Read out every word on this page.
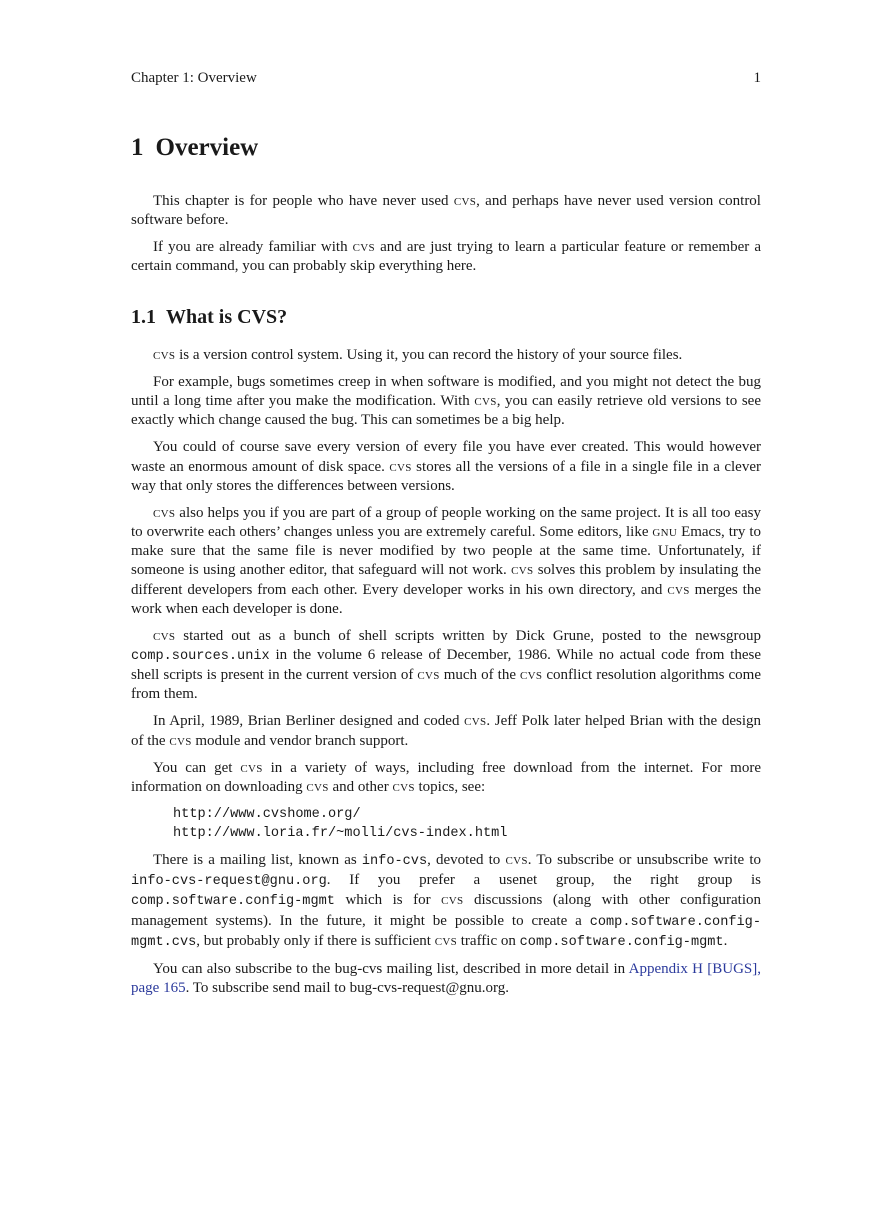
Chapter 1: Overview	1
1 Overview

This chapter is for people who have never used cvs, and perhaps have never used version control software before.

If you are already familiar with cvs and are just trying to learn a particular feature or remember a certain command, you can probably skip everything here.

1.1 What is CVS?

cvs is a version control system. Using it, you can record the history of your source files.

For example, bugs sometimes creep in when software is modified, and you might not detect the bug until a long time after you make the modification. With cvs, you can easily retrieve old versions to see exactly which change caused the bug. This can sometimes be a big help.

You could of course save every version of every file you have ever created. This would however waste an enormous amount of disk space. cvs stores all the versions of a file in a single file in a clever way that only stores the differences between versions.

cvs also helps you if you are part of a group of people working on the same project. It is all too easy to overwrite each others’ changes unless you are extremely careful. Some editors, like gnu Emacs, try to make sure that the same file is never modified by two people at the same time. Unfortunately, if someone is using another editor, that safeguard will not work. cvs solves this problem by insulating the different developers from each other. Every developer works in his own directory, and cvs merges the work when each developer is done.

cvs started out as a bunch of shell scripts written by Dick Grune, posted to the newsgroup comp.sources.unix in the volume 6 release of December, 1986. While no actual code from these shell scripts is present in the current version of cvs much of the cvs conflict resolution algorithms come from them.

In April, 1989, Brian Berliner designed and coded cvs. Jeff Polk later helped Brian with the design of the cvs module and vendor branch support.

You can get cvs in a variety of ways, including free download from the internet. For more information on downloading cvs and other cvs topics, see:

http://www.cvshome.org/
http://www.loria.fr/~molli/cvs-index.html

There is a mailing list, known as info-cvs, devoted to cvs. To subscribe or unsubscribe write to info-cvs-request@gnu.org. If you prefer a usenet group, the right group is comp.software.config-mgmt which is for cvs discussions (along with other configuration management systems). In the future, it might be possible to create a comp.software.config-mgmt.cvs, but probably only if there is sufficient cvs traffic on comp.software.config-mgmt.

You can also subscribe to the bug-cvs mailing list, described in more detail in Appendix H [BUGS], page 165. To subscribe send mail to bug-cvs-request@gnu.org.
